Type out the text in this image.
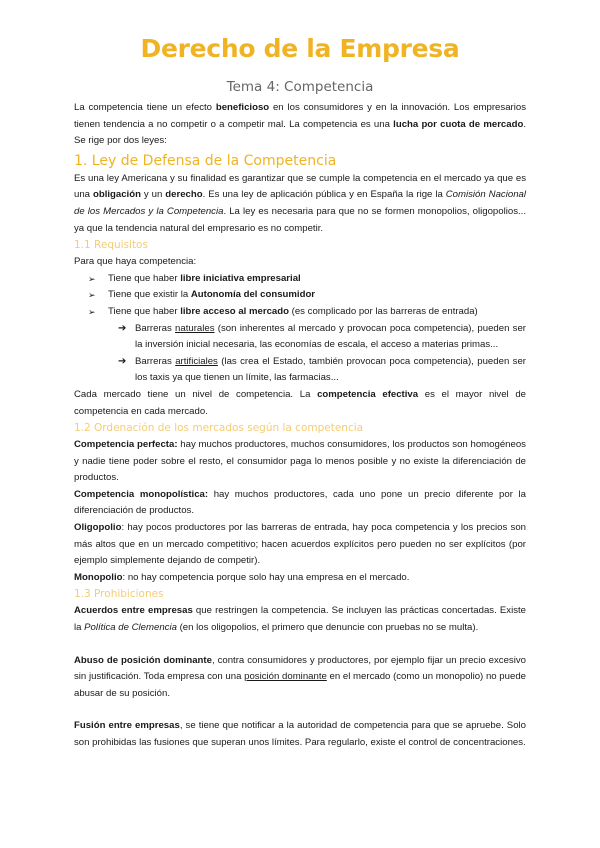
Derecho de la Empresa
Tema 4: Competencia

La competencia tiene un efecto beneficioso en los consumidores y en la innovación. Los empresarios tienen tendencia a no competir o a competir mal. La competencia es una lucha por cuota de mercado. Se rige por dos leyes:

1. Ley de Defensa de la Competencia

Es una ley Americana y su finalidad es garantizar que se cumple la competencia en el mercado ya que es una obligación y un derecho. Es una ley de aplicación pública y en España la rige la Comisión Nacional de los Mercados y la Competencia. La ley es necesaria para que no se formen monopolios, oligopolios... ya que la tendencia natural del empresario es no competir.

1.1 Requisitos

Para que haya competencia:

➢ Tiene que haber libre iniciativa empresarial
➢ Tiene que existir la Autonomía del consumidor
➢ Tiene que haber libre acceso al mercado (es complicado por las barreras de entrada)
➔ Barreras naturales (son inherentes al mercado y provocan poca competencia), pueden ser la inversión inicial necesaria, las economías de escala, el acceso a materias primas...
➔ Barreras artificiales (las crea el Estado, también provocan poca competencia), pueden ser los taxis ya que tienen un límite, las farmacias...

Cada mercado tiene un nivel de competencia. La competencia efectiva es el mayor nivel de competencia en cada mercado.

1.2 Ordenación de los mercados según la competencia

Competencia perfecta: hay muchos productores, muchos consumidores, los productos son homogéneos y nadie tiene poder sobre el resto, el consumidor paga lo menos posible y no existe la diferenciación de productos.

Competencia monopolística: hay muchos productores, cada uno pone un precio diferente por la diferenciación de productos.

Oligopolio: hay pocos productores por las barreras de entrada, hay poca competencia y los precios son más altos que en un mercado competitivo; hacen acuerdos explícitos pero pueden no ser explícitos (por ejemplo simplemente dejando de competir).

Monopolio: no hay competencia porque solo hay una empresa en el mercado.

1.3 Prohibiciones

Acuerdos entre empresas que restringen la competencia. Se incluyen las prácticas concertadas. Existe la Política de Clemencia (en los oligopolios, el primero que denuncie con pruebas no se multa).

Abuso de posición dominante, contra consumidores y productores, por ejemplo fijar un precio excesivo sin justificación. Toda empresa con una posición dominante en el mercado (como un monopolio) no puede abusar de su posición.

Fusión entre empresas, se tiene que notificar a la autoridad de competencia para que se apruebe. Solo son prohibidas las fusiones que superan unos límites. Para regularlo, existe el control de concentraciones.
